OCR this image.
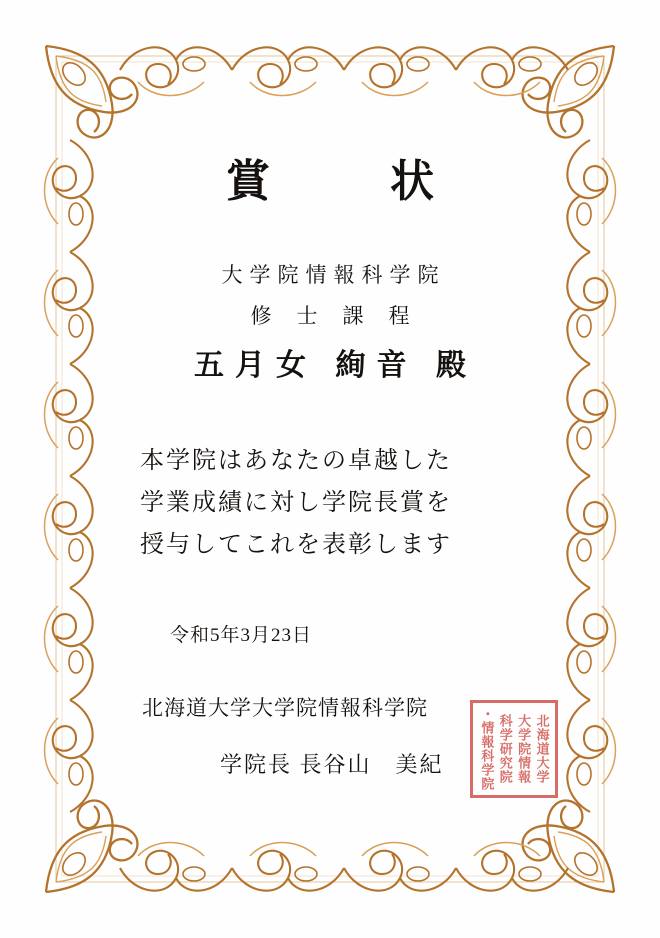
賞　状
大学院情報科学院
修士課程
五月女 絢音 殿
本学院はあなたの卓越した
学業成績に対し学院長賞を
授与してこれを表彰します
令和5年3月23日
北海道大学大学院情報科学院
学院長 長谷山　美紀	北海道大学
大学院情報
科学研究院
・情報科学院
